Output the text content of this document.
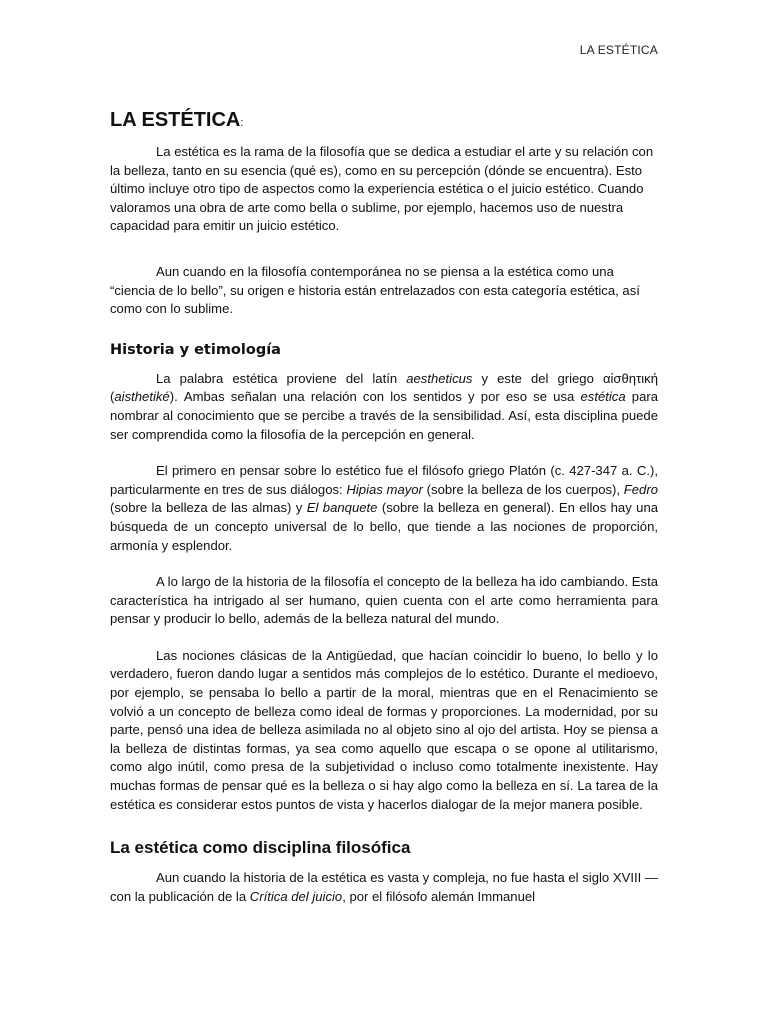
LA ESTÉTICA
LA ESTÉTICA:

La estética es la rama de la filosofía que se dedica a estudiar el arte y su relación con la belleza, tanto en su esencia (qué es), como en su percepción (dónde se encuentra). Esto último incluye otro tipo de aspectos como la experiencia estética o el juicio estético. Cuando valoramos una obra de arte como bella o sublime, por ejemplo, hacemos uso de nuestra capacidad para emitir un juicio estético.

Aun cuando en la filosofía contemporánea no se piensa a la estética como una “ciencia de lo bello”, su origen e historia están entrelazados con esta categoría estética, así como con lo sublime.

Historia y etimología

La palabra estética proviene del latín aestheticus y este del griego αἰσθητική (aisthetiké). Ambas señalan una relación con los sentidos y por eso se usa estética para nombrar al conocimiento que se percibe a través de la sensibilidad. Así, esta disciplina puede ser comprendida como la filosofía de la percepción en general.

El primero en pensar sobre lo estético fue el filósofo griego Platón (c. 427-347 a. C.), particularmente en tres de sus diálogos: Hipias mayor (sobre la belleza de los cuerpos), Fedro (sobre la belleza de las almas) y El banquete (sobre la belleza en general). En ellos hay una búsqueda de un concepto universal de lo bello, que tiende a las nociones de proporción, armonía y esplendor.

A lo largo de la historia de la filosofía el concepto de la belleza ha ido cambiando. Esta característica ha intrigado al ser humano, quien cuenta con el arte como herramienta para pensar y producir lo bello, además de la belleza natural del mundo.

Las nociones clásicas de la Antigüedad, que hacían coincidir lo bueno, lo bello y lo verdadero, fueron dando lugar a sentidos más complejos de lo estético. Durante el medioevo, por ejemplo, se pensaba lo bello a partir de la moral, mientras que en el Renacimiento se volvió a un concepto de belleza como ideal de formas y proporciones. La modernidad, por su parte, pensó una idea de belleza asimilada no al objeto sino al ojo del artista. Hoy se piensa a la belleza de distintas formas, ya sea como aquello que escapa o se opone al utilitarismo, como algo inútil, como presa de la subjetividad o incluso como totalmente inexistente. Hay muchas formas de pensar qué es la belleza o si hay algo como la belleza en sí. La tarea de la estética es considerar estos puntos de vista y hacerlos dialogar de la mejor manera posible.

La estética como disciplina filosófica

Aun cuando la historia de la estética es vasta y compleja, no fue hasta el siglo XVIII —con la publicación de la Crítica del juicio, por el filósofo alemán Immanuel
